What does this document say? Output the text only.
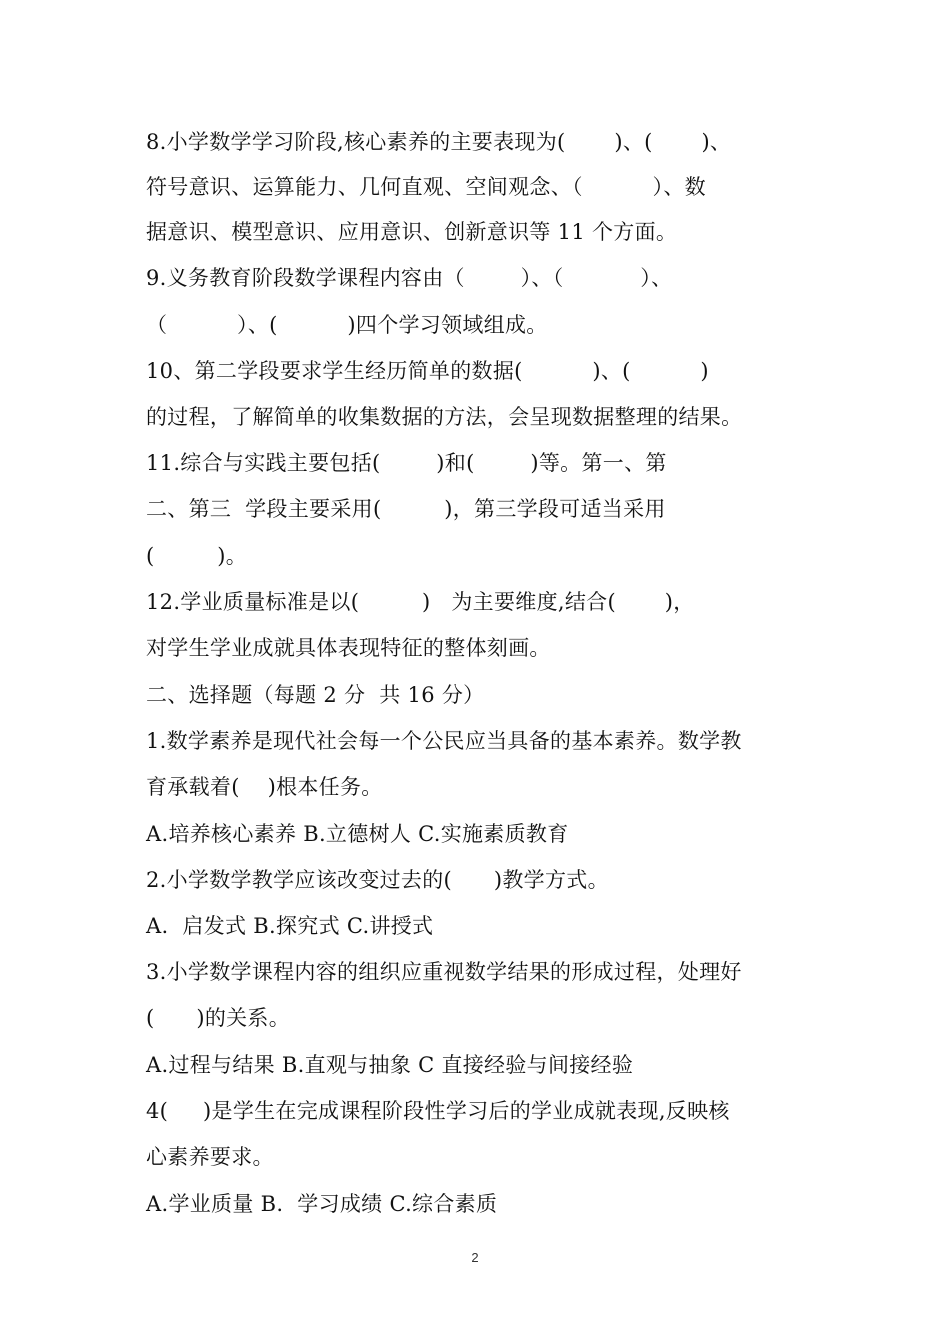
8.小学数学学习阶段,核心素养的主要表现为(       )、(       )、
符号意识、运算能力、几何直观、空间观念、（          ）、数
据意识、模型意识、应用意识、创新意识等 11 个方面。
9.义务教育阶段数学课程内容由（        ）、（           ）、
（          ）、(          )四个学习领域组成。
10、第二学段要求学生经历简单的数据(          )、(          )
的过程，了解简单的收集数据的方法，会呈现数据整理的结果。
11.综合与实践主要包括(        )和(        )等。第一、第
二、第三  学段主要采用(         )，第三学段可适当采用
(         )。
12.学业质量标准是以(         )   为主要维度,结合(       )，
对学生学业成就具体表现特征的整体刻画。
二、选择题（每题 2 分  共 16 分）
1.数学素养是现代社会每一个公民应当具备的基本素养。数学教
育承载着(    )根本任务。
A.培养核心素养 B.立德树人 C.实施素质教育
2.小学数学教学应该改变过去的(      )教学方式。
A.  启发式 B.探究式 C.讲授式
3.小学数学课程内容的组织应重视数学结果的形成过程，处理好
(      )的关系。
A.过程与结果 B.直观与抽象 C 直接经验与间接经验
4(     )是学生在完成课程阶段性学习后的学业成就表现,反映核
心素养要求。
A.学业质量 B.  学习成绩 C.综合素质
2
